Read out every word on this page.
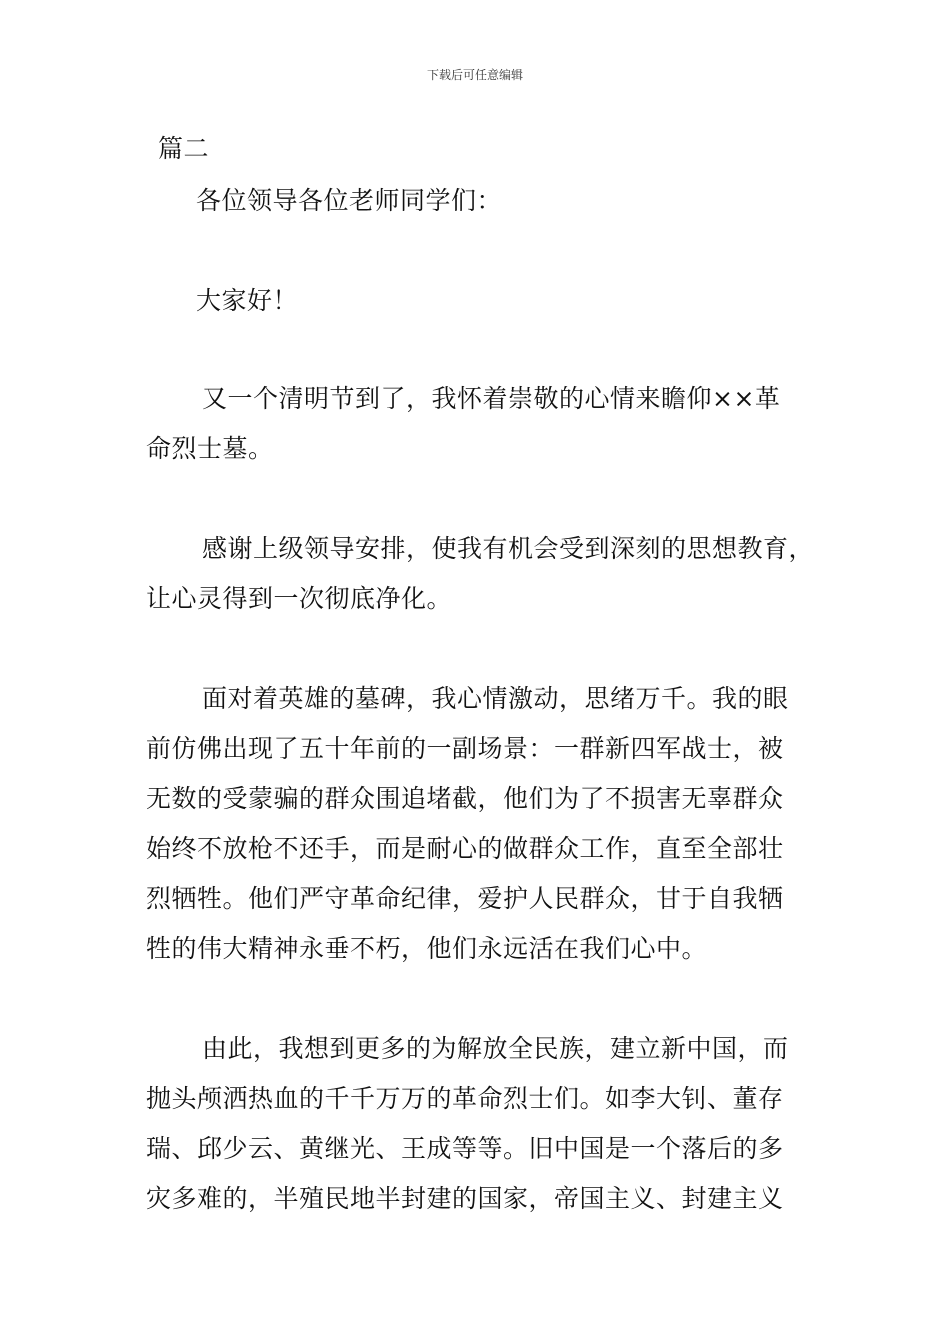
下载后可任意编辑
篇二
各位领导各位老师同学们：
大家好！
又一个清明节到了，我怀着崇敬的心情来瞻仰××革
命烈士墓。
感谢上级领导安排，使我有机会受到深刻的思想教育，
让心灵得到一次彻底净化。
面对着英雄的墓碑，我心情激动，思绪万千。我的眼
前仿佛出现了五十年前的一副场景：一群新四军战士，被
无数的受蒙骗的群众围追堵截，他们为了不损害无辜群众
始终不放枪不还手，而是耐心的做群众工作，直至全部壮
烈牺牲。他们严守革命纪律，爱护人民群众，甘于自我牺
牲的伟大精神永垂不朽，他们永远活在我们心中。
由此，我想到更多的为解放全民族，建立新中国，而
抛头颅洒热血的千千万万的革命烈士们。如李大钊、董存
瑞、邱少云、黄继光、王成等等。旧中国是一个落后的多
灾多难的，半殖民地半封建的国家，帝国主义、封建主义
